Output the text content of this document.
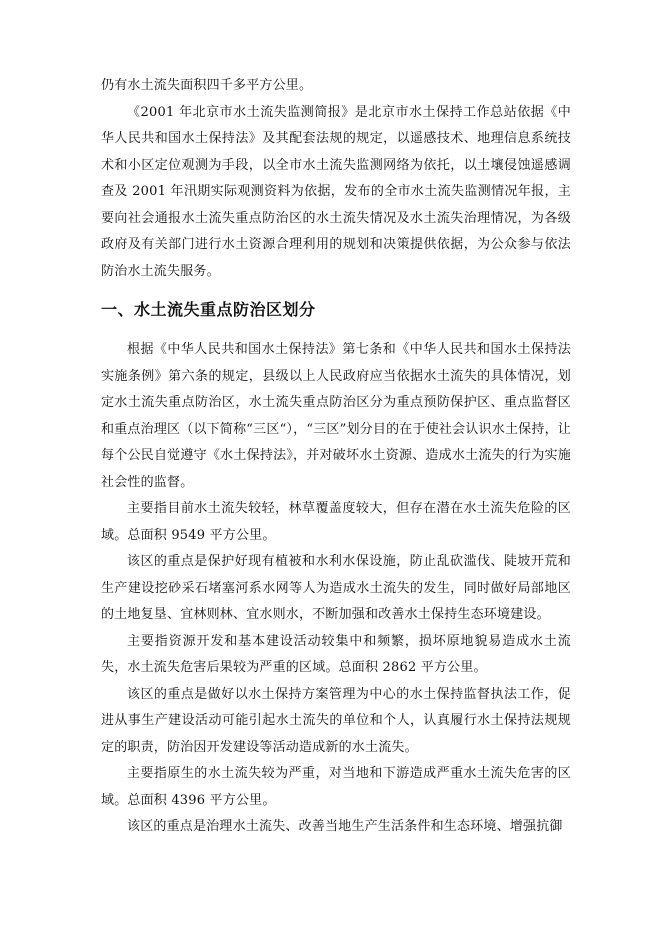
仍有水土流失面积四千多平方公里。

《2001 年北京市水土流失监测简报》是北京市水土保持工作总站依据《中华人民共和国水土保持法》及其配套法规的规定，以遥感技术、地理信息系统技术和小区定位观测为手段，以全市水土流失监测网络为依托，以土壤侵蚀遥感调查及 2001 年汛期实际观测资料为依据，发布的全市水土流失监测情况年报，主要向社会通报水土流失重点防治区的水土流失情况及水土流失治理情况，为各级政府及有关部门进行水土资源合理利用的规划和决策提供依据，为公众参与依法防治水土流失服务。

一、水土流失重点防治区划分

根据《中华人民共和国水土保持法》第七条和《中华人民共和国水土保持法实施条例》第六条的规定，县级以上人民政府应当依据水土流失的具体情况，划定水土流失重点防治区，水土流失重点防治区分为重点预防保护区、重点监督区和重点治理区（以下简称“三区“），“三区”划分目的在于使社会认识水土保持，让每个公民自觉遵守《水土保持法》，并对破坏水土资源、造成水土流失的行为实施社会性的监督。

主要指目前水土流失较轻，林草覆盖度较大，但存在潜在水土流失危险的区域。总面积 9549 平方公里。

该区的重点是保护好现有植被和水利水保设施，防止乱砍滥伐、陡坡开荒和生产建设挖砂采石堵塞河系水网等人为造成水土流失的发生，同时做好局部地区的土地复垦、宜林则林、宜水则水，不断加强和改善水土保持生态环境建设。

主要指资源开发和基本建设活动较集中和频繁，损坏原地貌易造成水土流失，水土流失危害后果较为严重的区域。总面积 2862 平方公里。

该区的重点是做好以水土保持方案管理为中心的水土保持监督执法工作，促进从事生产建设活动可能引起水土流失的单位和个人，认真履行水土保持法规规定的职责，防治因开发建设等活动造成新的水土流失。

主要指原生的水土流失较为严重，对当地和下游造成严重水土流失危害的区域。总面积 4396 平方公里。

该区的重点是治理水土流失、改善当地生产生活条件和生态环境、增强抗御
